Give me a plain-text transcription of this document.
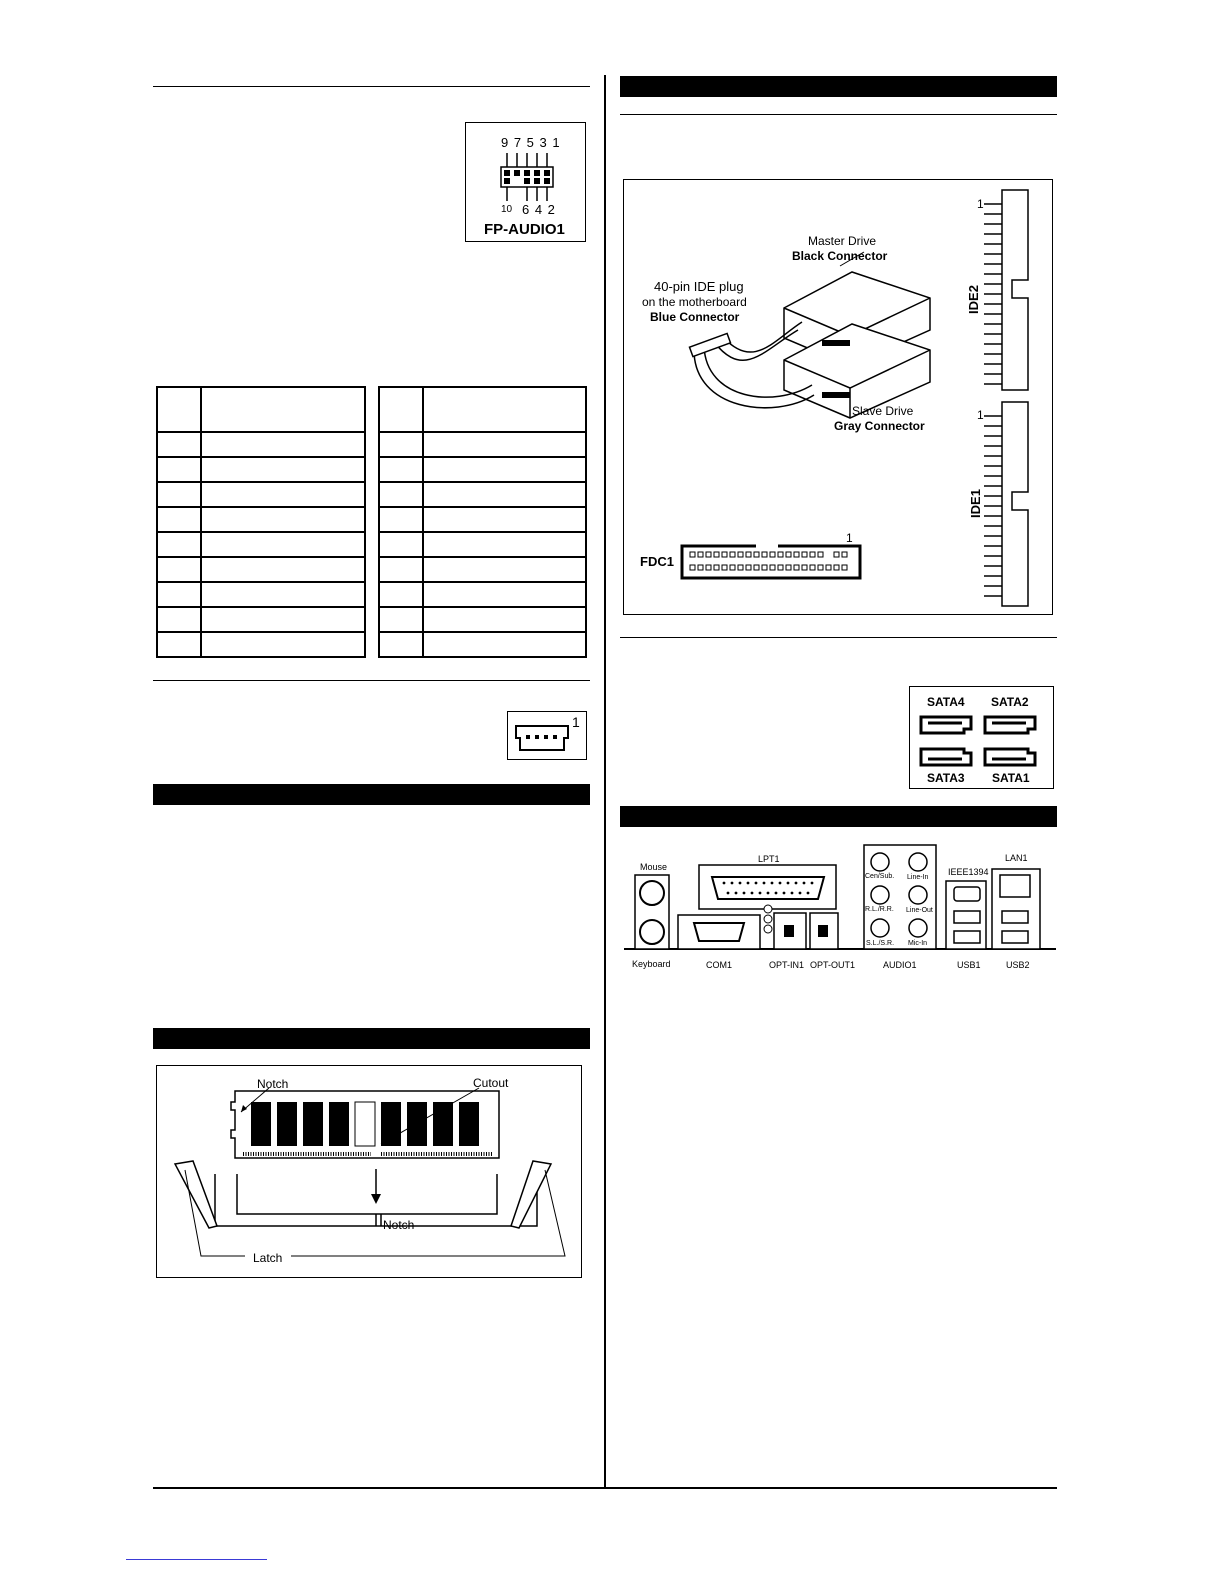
9 7 5 3 1
10 6 4 2
FP-AUDIO1

1
Notch	Cutout
Notch
Latch
40-pin IDE plug
on the motherboard
Blue Connector
Master Drive
Black Connector
Slave Drive
Gray Connector
1
IDE2
1
IDE1
1
FDC1
SATA4 SATA2
SATA3 SATA1
Mouse
Keyboard
LPT1
COM1	OPT-IN1 OPT-OUT1	AUDIO1
Cen/Sub. Line-In
R.L./R.R. Line-Out
S.L./S.R. Mic-In
IEEE1394
USB1
LAN1
USB2
